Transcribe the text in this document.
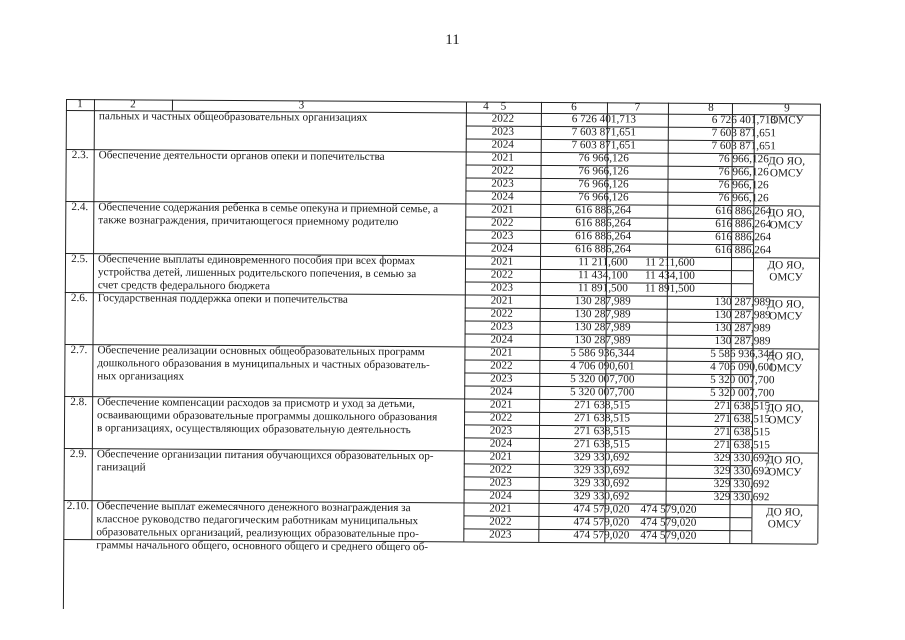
11
1	2	3	4	5	6	7	8	9
пальных и частных общеобразовательных организациях	ОМСУ
2022	6 726 401,713	6 726 401,713
2023	7 603 871,651	7 603 871,651
2024	7 603 871,651	7 603 871,651
2.3. Обеспечение деятельности органов опеки и попечительства	ДО ЯО,
ОМСУ
2021	76 966,126	76 966,126
2022	76 966,126	76 966,126
2023	76 966,126	76 966,126
2024	76 966,126	76 966,126
2.4. Обеспечение содержания ребенка в семье опекуна и приемной семье, а
также вознаграждения, причитающегося приемному родителю
ДО ЯО,
ОМСУ
2021	616 886,264	616 886,264
2022	616 886,264	616 886,264
2023	616 886,264	616 886,264
2024	616 886,264	616 886,264
2.5. Обеспечение выплаты единовременного пособия при всех формах
устройства детей, лишенных родительского попечения, в семью за
счет средств федерального бюджета
ДО ЯО,
ОМСУ
2021	11 211,600	11 211,600
2022	11 434,100	11 434,100
2023	11 891,500	11 891,500
2.6. Государственная поддержка опеки и попечительства	ДО ЯО,
ОМСУ
2021	130 287,989	130 287,989
2022	130 287,989	130 287,989
2023	130 287,989	130 287,989
2024	130 287,989	130 287,989
2.7. Обеспечение реализации основных общеобразовательных программ
дошкольного образования в муниципальных и частных образователь-
ных организациях
ДО ЯО,
ОМСУ
2021	5 586 936,344	5 586 936,344
2022	4 706 090,601	4 706 090,601
2023	5 320 007,700	5 320 007,700
2024	5 320 007,700	5 320 007,700
2.8. Обеспечение компенсации расходов за присмотр и уход за детьми,
осваивающими образовательные программы дошкольного образования
в организациях, осуществляющих образовательную деятельность
ДО ЯО,
ОМСУ
2021	271 638,515	271 638,515
2022	271 638,515	271 638,515
2023	271 638,515	271 638,515
2024	271 638,515	271 638,515
2.9. Обеспечение организации питания обучающихся образовательных ор-
ганизаций
ДО ЯО,
ОМСУ
2021	329 330,692	329 330,692
2022	329 330,692	329 330,692
2023	329 330,692	329 330,692
2024	329 330,692	329 330,692
2.10. Обеспечение выплат ежемесячного денежного вознаграждения за
классное руководство педагогическим работникам муниципальных
образовательных организаций, реализующих образовательные про-
граммы начального общего, основного общего и среднего общего об-
ДО ЯО,
ОМСУ
2021	474 579,020 474 579,020
2022	474 579,020 474 579,020
2023	474 579,020 474 579,020
